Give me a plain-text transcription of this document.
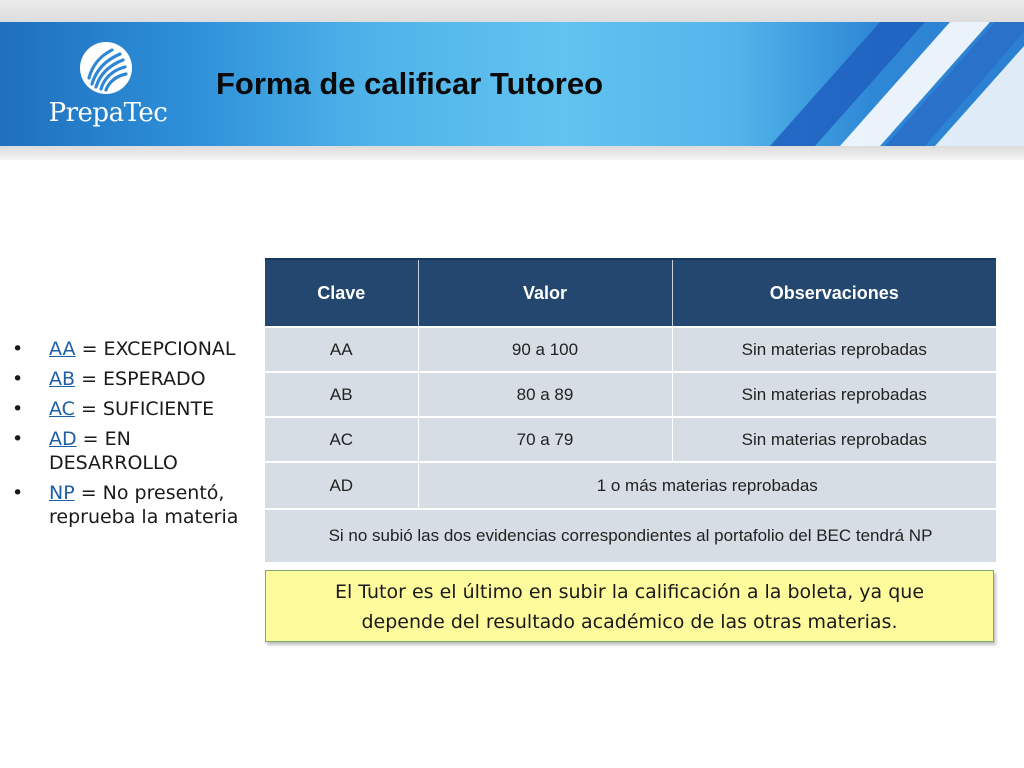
PrepaTec
Forma de calificar Tutoreo
• AA = EXCEPCIONAL
• AB = ESPERADO
• AC = SUFICIENTE
• AD = EN DESARROLLO
• NP = No presentó, reprueba la materia
Clave	Valor	Observaciones
AA	90 a 100	Sin materias reprobadas
AB	80 a 89	Sin materias reprobadas
AC	70 a 79	Sin materias reprobadas
AD	1 o más materias reprobadas	
Si no subió las dos evidencias correspondientes al portafolio del BEC tendrá NP		
El Tutor es el último en subir la calificación a la boleta, ya que
depende del resultado académico de las otras materias.
